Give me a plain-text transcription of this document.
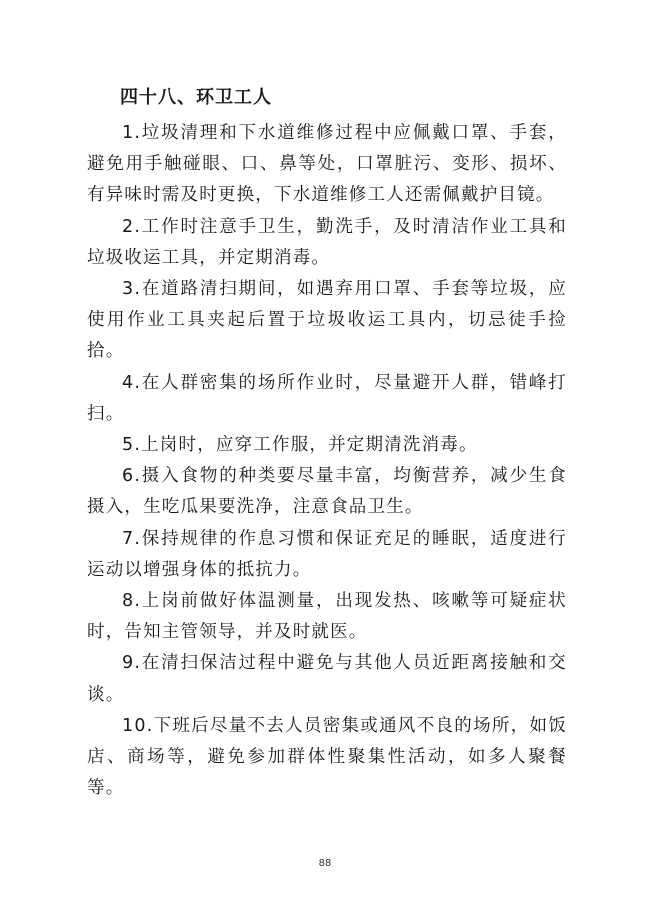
四十八、环卫工人

1.垃圾清理和下水道维修过程中应佩戴口罩、手套，避免用手触碰眼、口、鼻等处，口罩脏污、变形、损坏、有异味时需及时更换，下水道维修工人还需佩戴护目镜。

2.工作时注意手卫生，勤洗手，及时清洁作业工具和垃圾收运工具，并定期消毒。

3.在道路清扫期间，如遇弃用口罩、手套等垃圾，应使用作业工具夹起后置于垃圾收运工具内，切忌徒手捡拾。

4.在人群密集的场所作业时，尽量避开人群，错峰打扫。

5.上岗时，应穿工作服，并定期清洗消毒。

6.摄入食物的种类要尽量丰富，均衡营养，减少生食摄入，生吃瓜果要洗净，注意食品卫生。

7.保持规律的作息习惯和保证充足的睡眠，适度进行运动以增强身体的抵抗力。

8.上岗前做好体温测量，出现发热、咳嗽等可疑症状时，告知主管领导，并及时就医。

9.在清扫保洁过程中避免与其他人员近距离接触和交谈。

10.下班后尽量不去人员密集或通风不良的场所，如饭店、商场等，避免参加群体性聚集性活动，如多人聚餐等。

88
